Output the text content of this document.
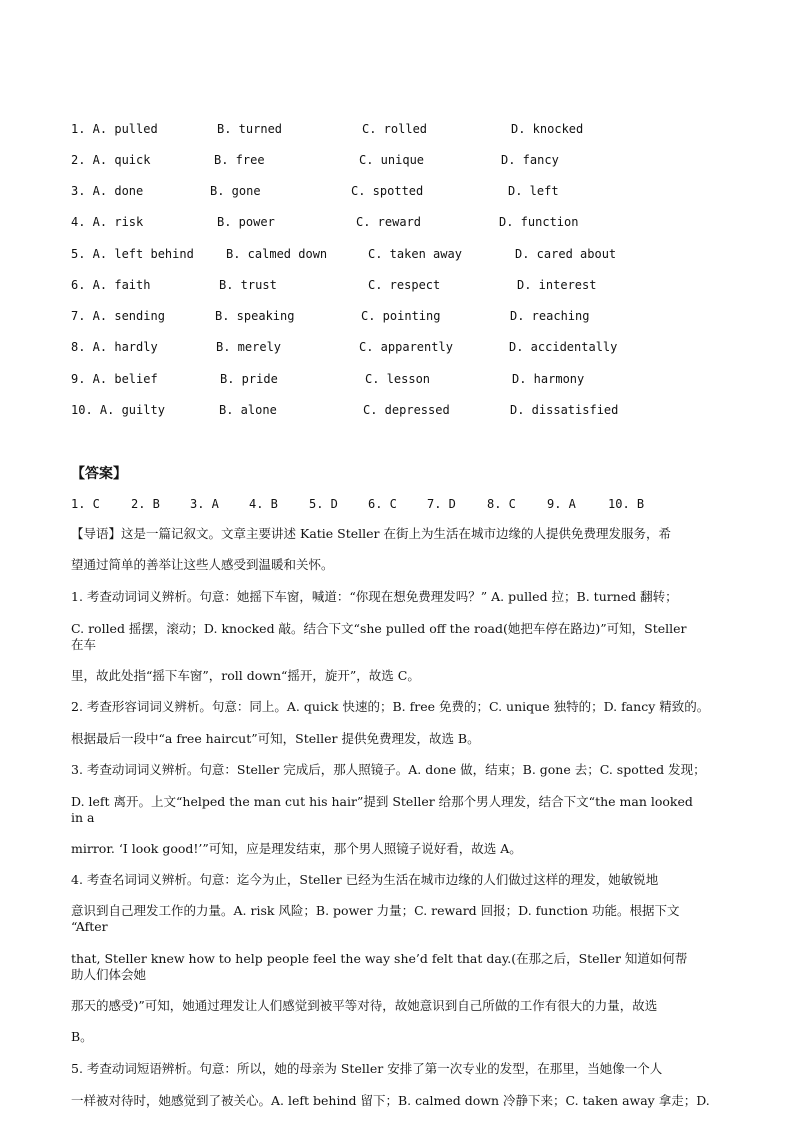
1. A. pulled	B. turned	C. rolled	D. knocked
2. A. quick	B. free	C. unique	D. fancy
3. A. done	B. gone	C. spotted	D. left
4. A. risk	B. power	C. reward	D. function
5. A. left behind	B. calmed down	C. taken away	D. cared about
6. A. faith	B. trust	C. respect	D. interest
7. A. sending	B. speaking	C. pointing	D. reaching
8. A. hardly	B. merely	C. apparently	D. accidentally
9. A. belief	B. pride	C. lesson	D. harmony
10. A. guilty	B. alone	C. depressed	D. dissatisfied
【答案】
1. C	2. B	3. A	4. B	5. D	6. C	7. D	8. C	9. A	10. B
【导语】这是一篇记叙文。文章主要讲述 Katie Steller 在街上为生活在城市边缘的人提供免费理发服务，希
望通过简单的善举让这些人感受到温暖和关怀。
1. 考查动词词义辨析。句意：她摇下车窗，喊道：“你现在想免费理发吗？” A. pulled 拉；B. turned 翻转；
C. rolled 摇摆，滚动；D. knocked 敲。结合下文“she pulled off the road(她把车停在路边)”可知，Steller
在车
里，故此处指“摇下车窗”，roll down“摇开，旋开”，故选 C。
2. 考查形容词词义辨析。句意：同上。A. quick 快速的；B. free 免费的；C. unique 独特的；D. fancy 精致的。
根据最后一段中“a free haircut”可知，Steller 提供免费理发，故选 B。
3. 考查动词词义辨析。句意：Steller 完成后，那人照镜子。A. done 做，结束；B. gone 去；C. spotted 发现；
D. left 离开。上文“helped the man cut his hair”提到 Steller 给那个男人理发，结合下文“the man looked
in a
mirror. ‘I look good!’”可知，应是理发结束，那个男人照镜子说好看，故选 A。
4. 考查名词词义辨析。句意：迄今为止，Steller 已经为生活在城市边缘的人们做过这样的理发，她敏锐地
意识到自己理发工作的力量。A. risk 风险；B. power 力量；C. reward 回报；D. function 功能。根据下文
“After
that, Steller knew how to help people feel the way she’d felt that day.(在那之后，Steller 知道如何帮
助人们体会她
那天的感受)”可知，她通过理发让人们感觉到被平等对待，故她意识到自己所做的工作有很大的力量，故选
B。
5. 考查动词短语辨析。句意：所以，她的母亲为 Steller 安排了第一次专业的发型，在那里，当她像一个人
一样被对待时，她感觉到了被关心。A. left behind 留下；B. calmed down 冷静下来；C. taken away 拿走；D.
